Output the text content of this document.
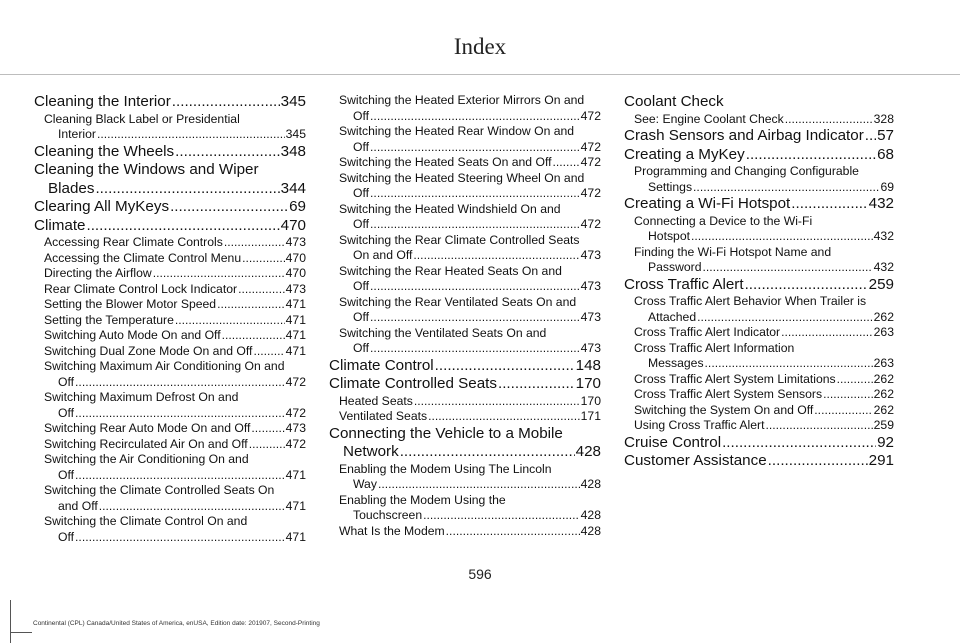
Index
Cleaning the Interior .....	345
Cleaning Black Label or Presidential
Interior .....	345
Cleaning the Wheels .....	348
Cleaning the Windows and Wiper
Blades .....	344
Clearing All MyKeys .....	69
Climate .....	470
Accessing Rear Climate Controls .....	473
Accessing the Climate Control Menu .....	470
Directing the Airflow .....	470
Rear Climate Control Lock Indicator .....	473
Setting the Blower Motor Speed .....	471
Setting the Temperature .....	471
Switching Auto Mode On and Off .....	471
Switching Dual Zone Mode On and Off .....	471
Switching Maximum Air Conditioning On and
Off .....	472
Switching Maximum Defrost On and
Off .....	472
Switching Rear Auto Mode On and Off .....	473
Switching Recirculated Air On and Off .....	472
Switching the Air Conditioning On and
Off .....	471
Switching the Climate Controlled Seats On
and Off .....	471
Switching the Climate Control On and
Off .....	471
Switching the Heated Exterior Mirrors On and
Off .....	472
Switching the Heated Rear Window On and
Off .....	472
Switching the Heated Seats On and Off ..... 472
Switching the Heated Steering Wheel On and
Off .....	472
Switching the Heated Windshield On and
Off .....	472
Switching the Rear Climate Controlled Seats
On and Off .....	473
Switching the Rear Heated Seats On and
Off .....	473
Switching the Rear Ventilated Seats On and
Off .....	473
Switching the Ventilated Seats On and
Off .....	473
Climate Control .....	148
Climate Controlled Seats .....	170
Heated Seats .....	170
Ventilated Seats .....	171
Connecting the Vehicle to a Mobile
Network .....	428
Enabling the Modem Using The Lincoln
Way .....	428
Enabling the Modem Using the
Touchscreen .....	428
What Is the Modem .....	428
Coolant Check
See: Engine Coolant Check .....	328
Crash Sensors and Airbag Indicator ..... 57
Creating a MyKey .....	68
Programming and Changing Configurable
Settings .....	69
Creating a Wi-Fi Hotspot .....	432
Connecting a Device to the Wi-Fi
Hotspot .....	432
Finding the Wi-Fi Hotspot Name and
Password .....	432
Cross Traffic Alert .....	259
Cross Traffic Alert Behavior When Trailer is
Attached .....	262
Cross Traffic Alert Indicator .....	263
Cross Traffic Alert Information
Messages .....	263
Cross Traffic Alert System Limitations .....	262
Cross Traffic Alert System Sensors .....	262
Switching the System On and Off .....	262
Using Cross Traffic Alert .....	259
Cruise Control .....	92
Customer Assistance .....	291
596
Continental (CPL) Canada/United States of America, enUSA, Edition date: 201907, Second-Printing
